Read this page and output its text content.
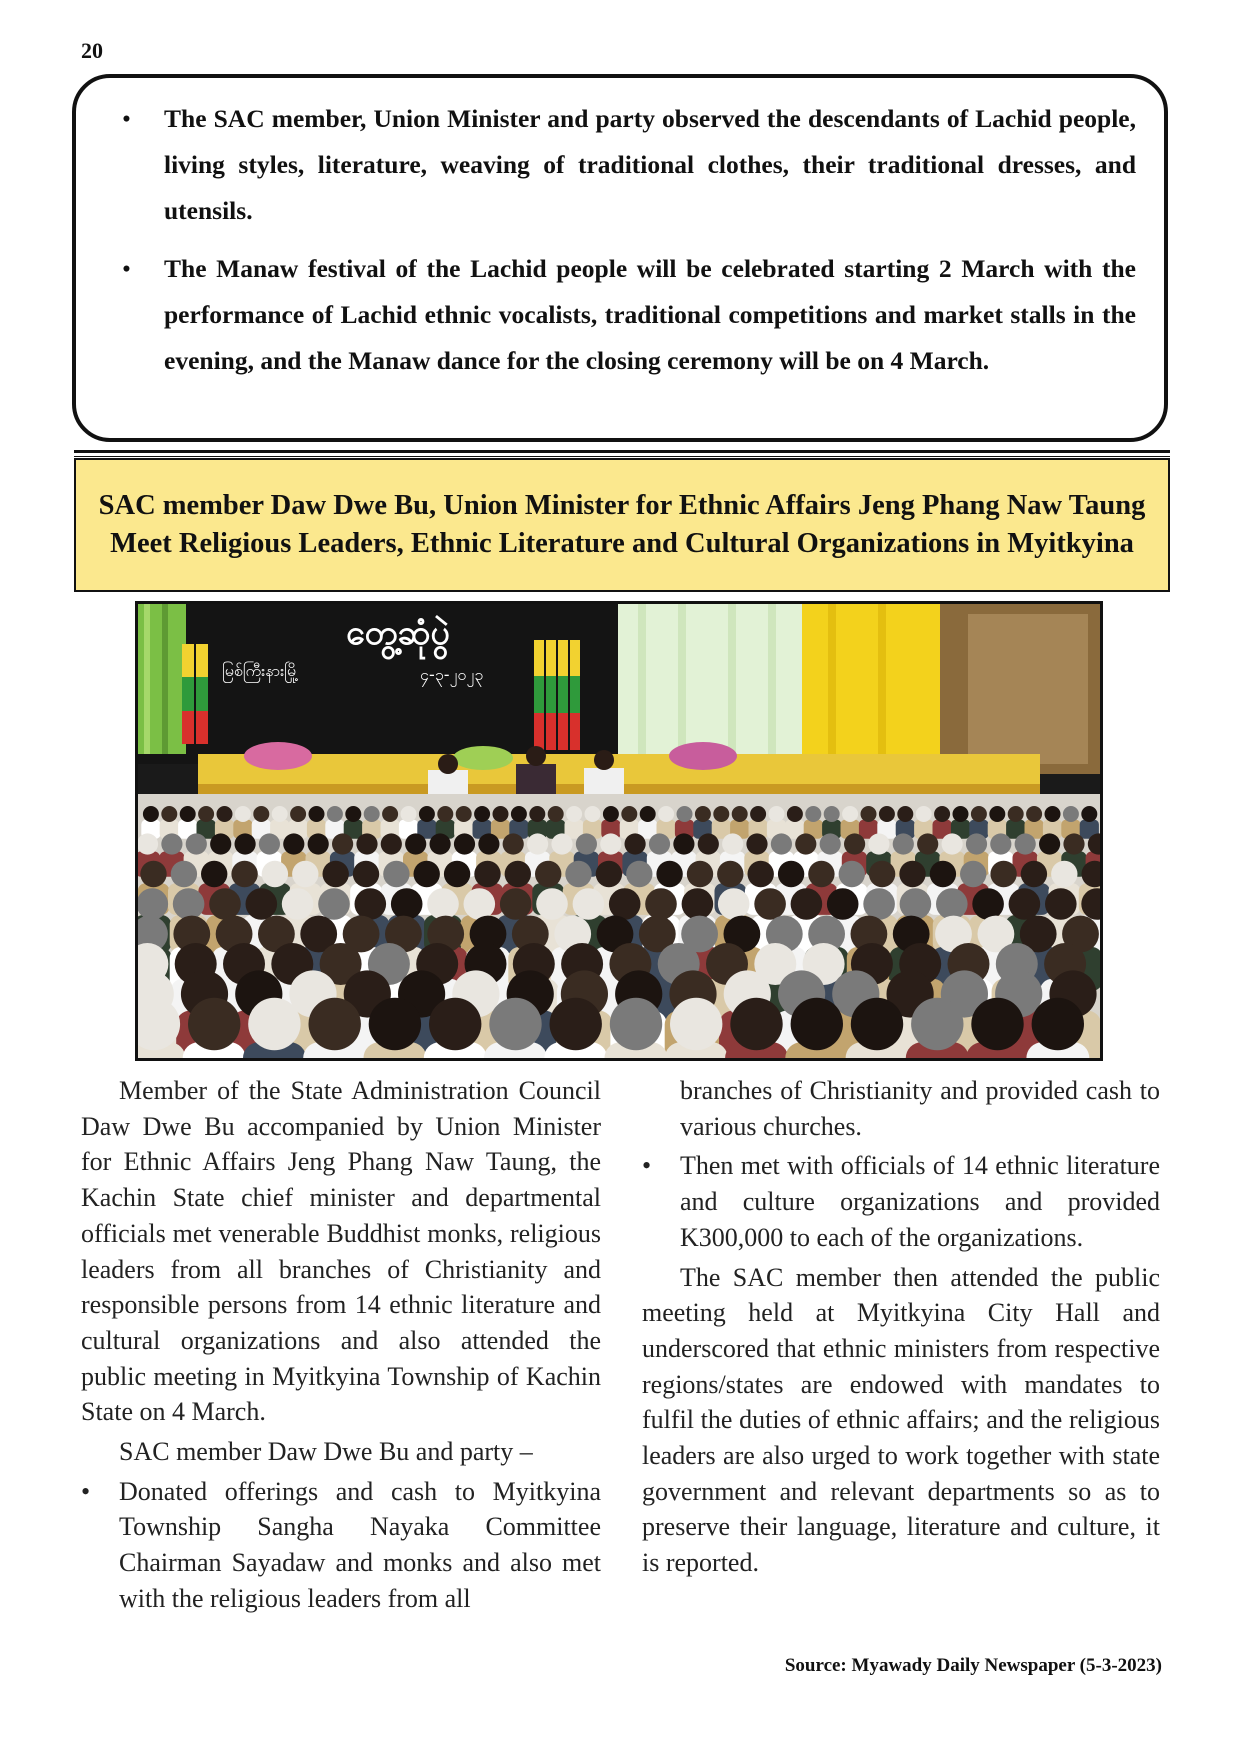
20
• The SAC member, Union Minister and party observed the descendants of Lachid people, living styles, literature, weaving of traditional clothes, their traditional dresses, and utensils.
• The Manaw festival of the Lachid people will be celebrated starting 2 March with the performance of Lachid ethnic vocalists, traditional competitions and market stalls in the evening, and the Manaw dance for the closing ceremony will be on 4 March.
SAC member Daw Dwe Bu, Union Minister for Ethnic Affairs Jeng Phang Naw Taung Meet Religious Leaders, Ethnic Literature and Cultural Organizations in Myitkyina
တွေ့ဆုံပွဲ
မြစ်ကြီးနားမြို့	၄-၃-၂၀၂၃

Member of the State Administration Council Daw Dwe Bu accompanied by Union Minister for Ethnic Affairs Jeng Phang Naw Taung, the Kachin State chief minister and departmental officials met venerable Buddhist monks, religious leaders from all branches of Christianity and responsible persons from 14 ethnic literature and cultural organizations and also attended the public meeting in Myitkyina Township of Kachin State on 4 March.

SAC member Daw Dwe Bu and party –

• Donated offerings and cash to Myitkyina Township Sangha Nayaka Committee Chairman Sayadaw and monks and also met with the religious leaders from all

branches of Christianity and provided cash to various churches.

• Then met with officials of 14 ethnic literature and culture organizations and provided K300,000 to each of the organizations.

The SAC member then attended the public meeting held at Myitkyina City Hall and underscored that ethnic ministers from respective regions/states are endowed with mandates to fulfil the duties of ethnic affairs; and the religious leaders are also urged to work together with state government and relevant departments so as to preserve their language, literature and culture, it is reported.

Source: Myawady Daily Newspaper (5-3-2023)
